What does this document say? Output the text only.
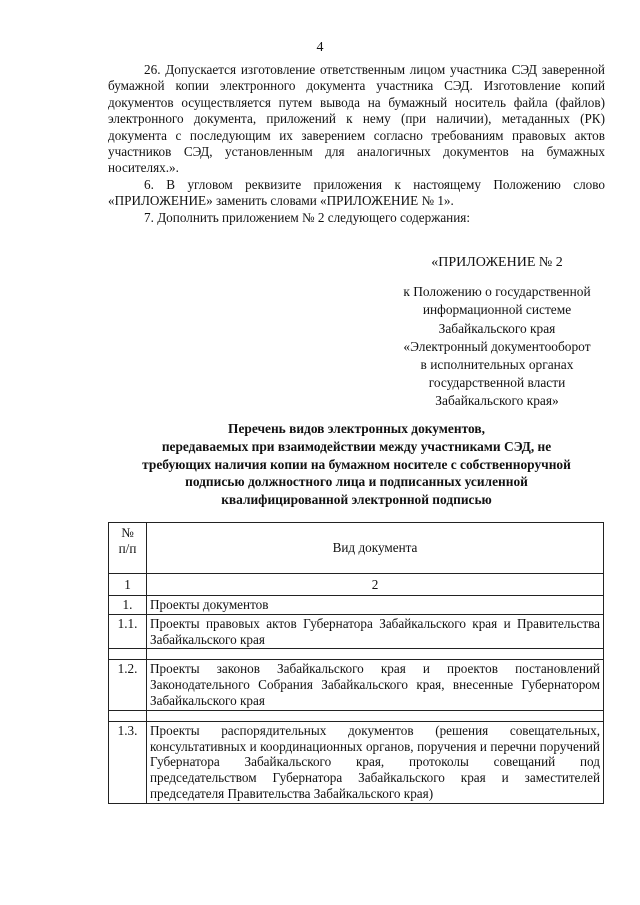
4

26. Допускается изготовление ответственным лицом участника СЭД заверенной бумажной копии электронного документа участника СЭД. Изготовление копий документов осуществляется путем вывода на бумажный носитель файла (файлов) электронного документа, приложений к нему (при наличии), метаданных (РК) документа с последующим их заверением согласно требованиям правовых актов участников СЭД, установленным для аналогичных документов на бумажных носителях.».

6. В угловом реквизите приложения к настоящему Положению слово «ПРИЛОЖЕНИЕ» заменить словами «ПРИЛОЖЕНИЕ № 1».

7. Дополнить приложением № 2 следующего содержания:

«ПРИЛОЖЕНИЕ № 2

к Положению о государственной
информационной системе
Забайкальского края
«Электронный документооборот
в исполнительных органах
государственной власти
Забайкальского края»
Перечень видов электронных документов,
передаваемых при взаимодействии между участниками СЭД, не
требующих наличия копии на бумажном носителе с собственноручной
подписью должностного лица и подписанных усиленной
квалифицированной электронной подписью
№
п/п	Вид документа
1	2
1.	Проекты документов
1.1.	Проекты правовых актов Губернатора Забайкальского края и Правительства Забайкальского края

1.2.	Проекты законов Забайкальского края и проектов постановлений Законодательного Собрания Забайкальского края, внесенные Губернатором Забайкальского края

1.3.	Проекты распорядительных документов (решения совещательных, консультативных и координационных органов, поручения и перечни поручений Губернатора Забайкальского края, протоколы совещаний под председательством Губернатора Забайкальского края и заместителей председателя Правительства Забайкальского края)
